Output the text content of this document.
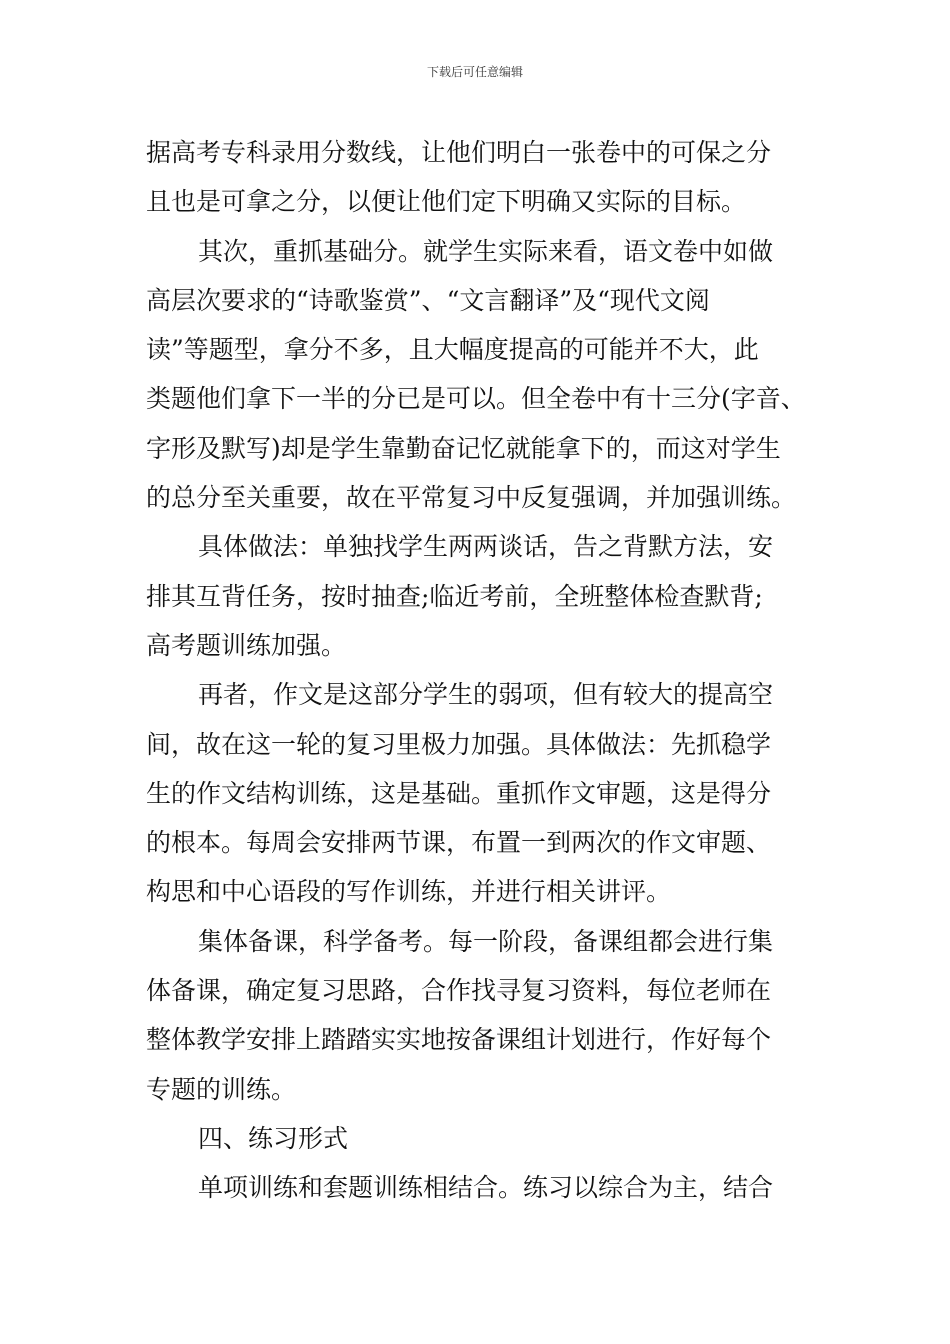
下载后可任意编辑
据高考专科录用分数线，让他们明白一张卷中的可保之分
且也是可拿之分，以便让他们定下明确又实际的目标。
其次，重抓基础分。就学生实际来看，语文卷中如做
高层次要求的“诗歌鉴赏”、“文言翻译”及“现代文阅
读”等题型，拿分不多，且大幅度提高的可能并不大，此
类题他们拿下一半的分已是可以。但全卷中有十三分(字音、
字形及默写)却是学生靠勤奋记忆就能拿下的，而这对学生
的总分至关重要，故在平常复习中反复强调，并加强训练。
具体做法：单独找学生两两谈话，告之背默方法，安
排其互背任务，按时抽查;临近考前，全班整体检查默背;
高考题训练加强。
再者，作文是这部分学生的弱项，但有较大的提高空
间，故在这一轮的复习里极力加强。具体做法：先抓稳学
生的作文结构训练，这是基础。重抓作文审题，这是得分
的根本。每周会安排两节课，布置一到两次的作文审题、
构思和中心语段的写作训练，并进行相关讲评。
集体备课，科学备考。每一阶段，备课组都会进行集
体备课，确定复习思路，合作找寻复习资料，每位老师在
整体教学安排上踏踏实实地按备课组计划进行，作好每个
专题的训练。
四、练习形式
单项训练和套题训练相结合。练习以综合为主，结合
